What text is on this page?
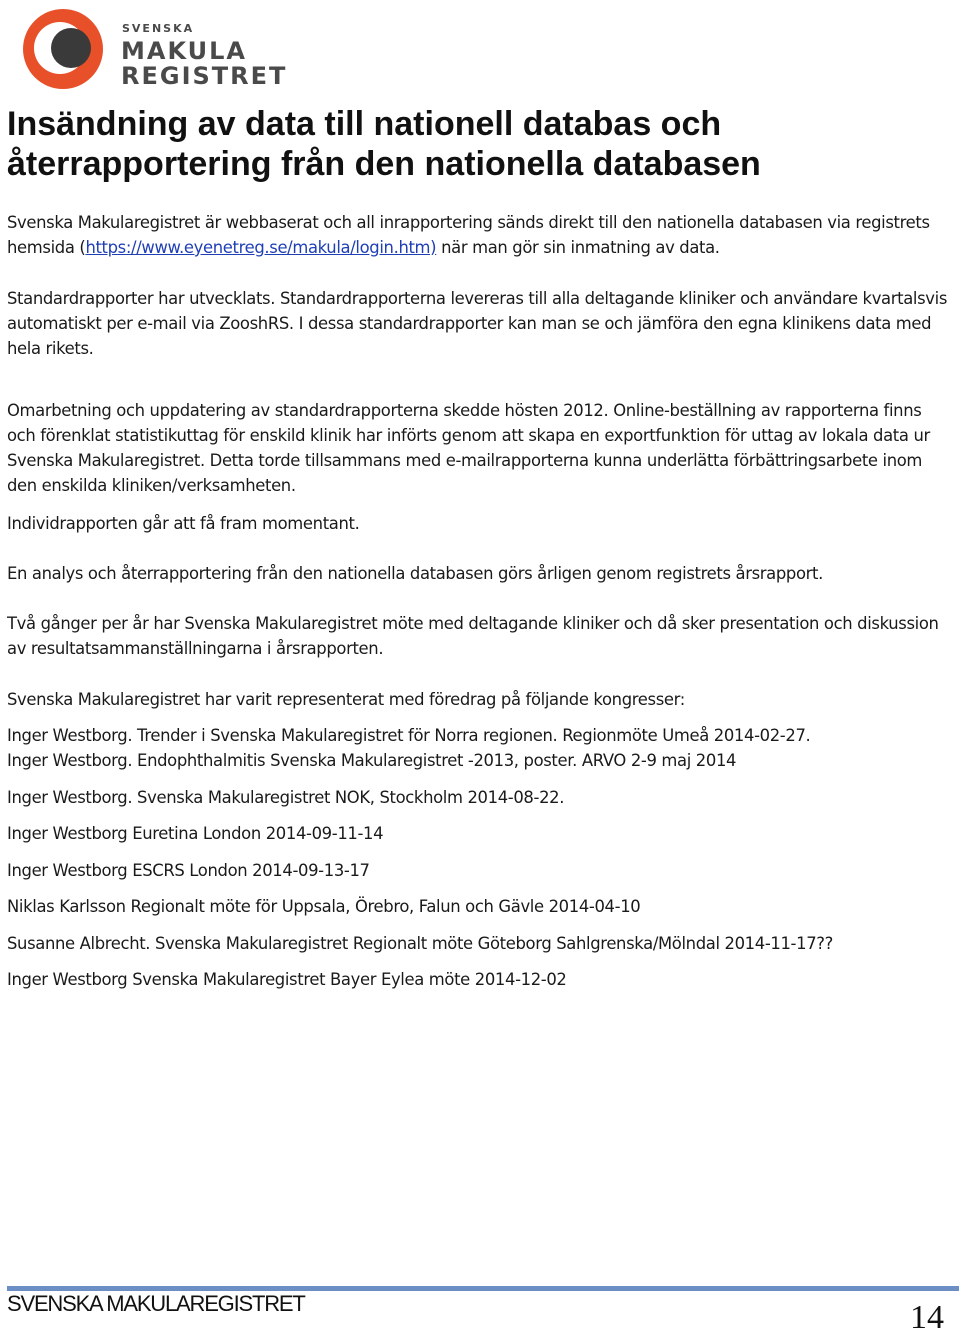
SVENSKA
MAKULA
REGISTRET
Insändning av data till nationell databas och
återrapportering från den nationella databasen

Svenska Makularegistret är webbaserat och all inrapportering sänds direkt till den nationella databasen via registrets hemsida (https://www.eyenetreg.se/makula/login.htm) när man gör sin inmatning av data.

Standardrapporter har utvecklats. Standardrapporterna levereras till alla deltagande kliniker och användare kvartalsvis automatiskt per e-mail via ZooshRS. I dessa standardrapporter kan man se och jämföra den egna klinikens data med hela rikets.

Omarbetning och uppdatering av standardrapporterna skedde hösten 2012. Online-beställning av rapporterna finns och förenklat statistikuttag för enskild klinik har införts genom att skapa en exportfunktion för uttag av lokala data ur Svenska Makularegistret. Detta torde tillsammans med e-mailrapporterna kunna underlätta förbättringsarbete inom den enskilda kliniken/verksamheten.

Individrapporten går att få fram momentant.

En analys och återrapportering från den nationella databasen görs årligen genom registrets årsrapport.

Två gånger per år har Svenska Makularegistret möte med deltagande kliniker och då sker presentation och diskussion av resultatsammanställningarna i årsrapporten.

Svenska Makularegistret har varit representerat med föredrag på följande kongresser:

Inger Westborg. Trender i Svenska Makularegistret för Norra regionen. Regionmöte Umeå 2014-02-27.

Inger Westborg. Endophthalmitis Svenska Makularegistret -2013, poster. ARVO 2-9 maj 2014

Inger Westborg. Svenska Makularegistret NOK, Stockholm 2014-08-22.

Inger Westborg Euretina London 2014-09-11-14

Inger Westborg ESCRS London 2014-09-13-17

Niklas Karlsson Regionalt möte för Uppsala, Örebro, Falun och Gävle 2014-04-10

Susanne Albrecht. Svenska Makularegistret Regionalt möte Göteborg Sahlgrenska/Mölndal 2014-11-17??

Inger Westborg Svenska Makularegistret Bayer Eylea möte 2014-12-02

SVENSKA MAKULAREGISTRET	14
